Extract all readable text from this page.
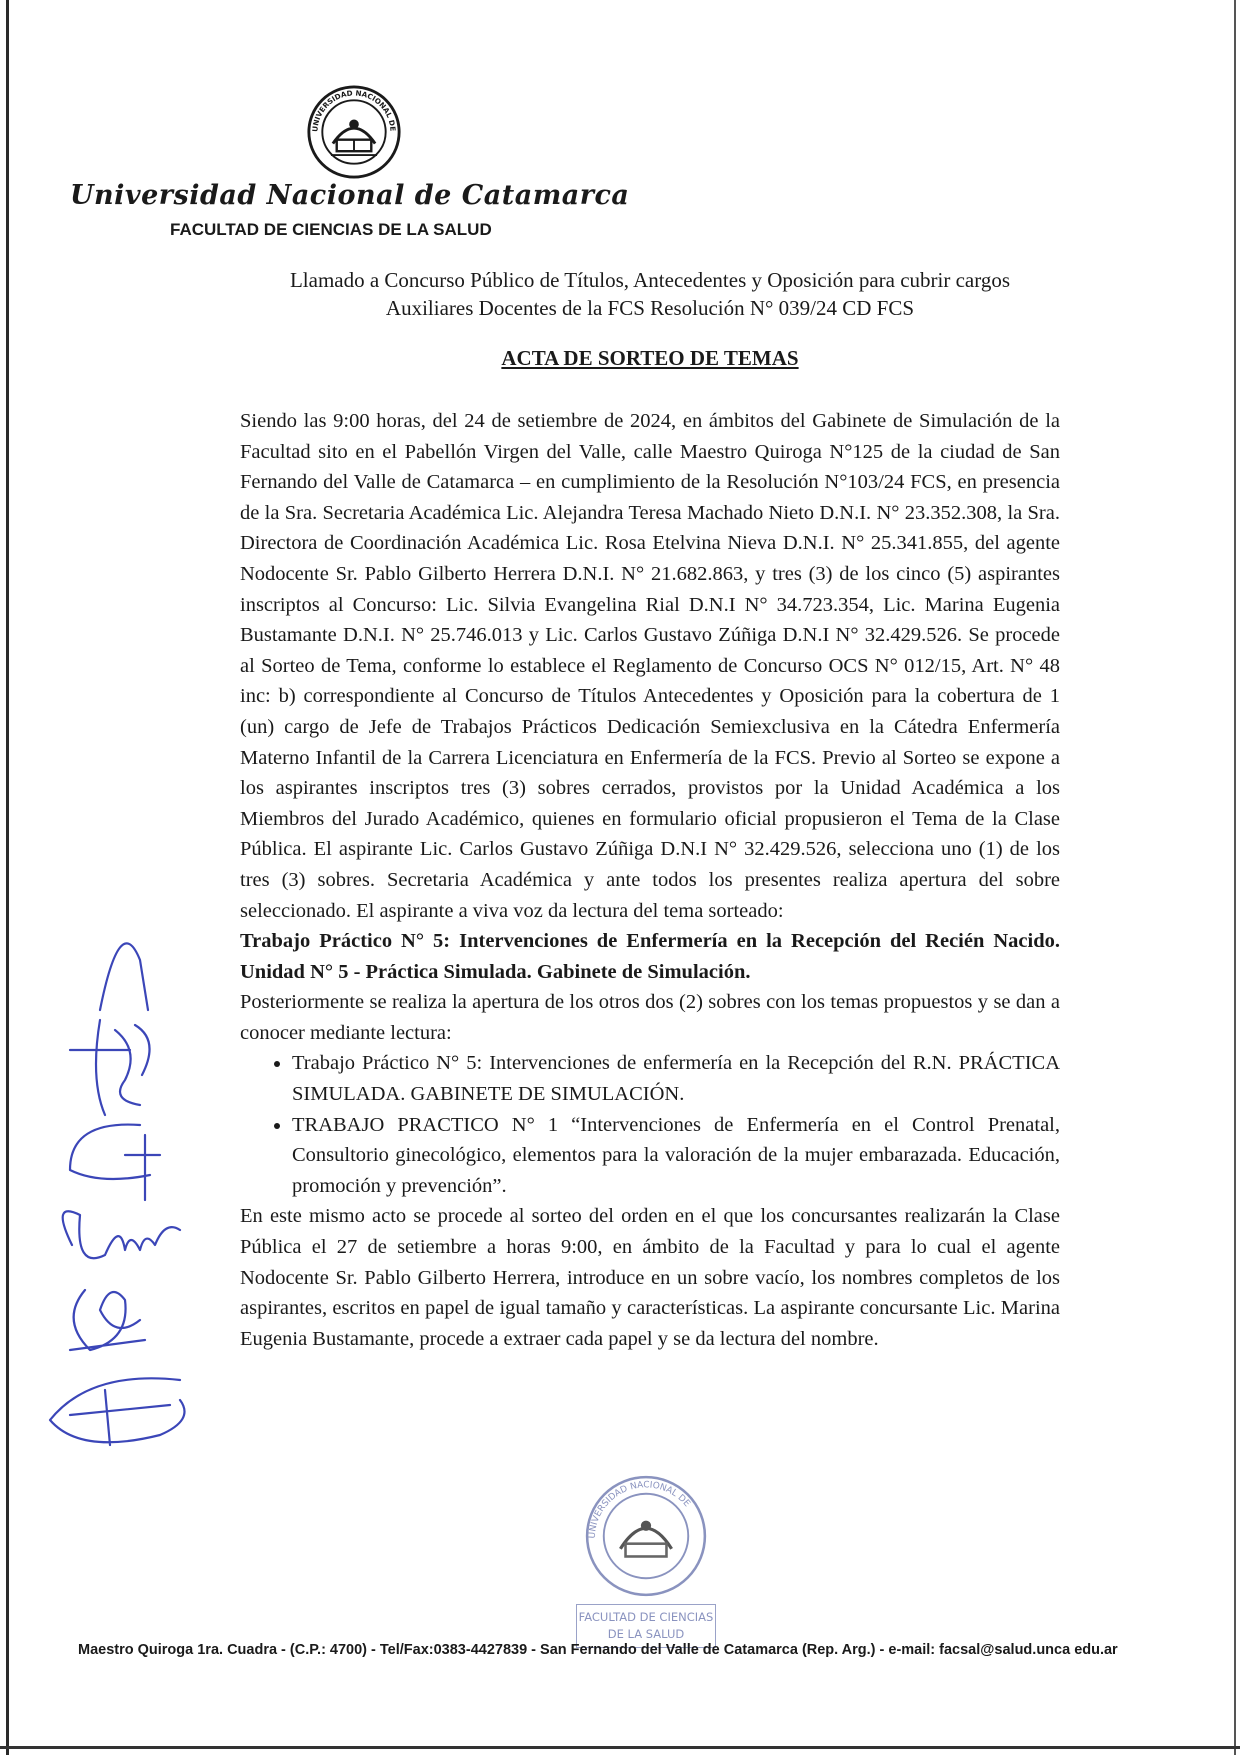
UNIVERSIDAD NACIONAL DE
Universidad Nacional de Catamarca
FACULTAD DE CIENCIAS DE LA SALUD
Llamado a Concurso Público de Títulos, Antecedentes y Oposición para cubrir cargos
Auxiliares Docentes de la FCS Resolución N° 039/24 CD FCS
ACTA DE SORTEO DE TEMAS

Siendo las 9:00 horas, del 24 de setiembre de 2024, en ámbitos del Gabinete de Simulación de la Facultad sito en el Pabellón Virgen del Valle, calle Maestro Quiroga N°125 de la ciudad de San Fernando del Valle de Catamarca – en cumplimiento de la Resolución N°103/24 FCS, en presencia de la Sra. Secretaria Académica Lic. Alejandra Teresa Machado Nieto D.N.I. N° 23.352.308, la Sra. Directora de Coordinación Académica Lic. Rosa Etelvina Nieva D.N.I. N° 25.341.855, del agente Nodocente Sr. Pablo Gilberto Herrera D.N.I. N° 21.682.863, y tres (3) de los cinco (5) aspirantes inscriptos al Concurso: Lic. Silvia Evangelina Rial D.N.I N° 34.723.354, Lic. Marina Eugenia Bustamante D.N.I. N° 25.746.013 y Lic. Carlos Gustavo Zúñiga D.N.I N° 32.429.526. Se procede al Sorteo de Tema, conforme lo establece el Reglamento de Concurso OCS N° 012/15, Art. N° 48 inc: b) correspondiente al Concurso de Títulos Antecedentes y Oposición para la cobertura de 1 (un) cargo de Jefe de Trabajos Prácticos Dedicación Semiexclusiva en la Cátedra Enfermería Materno Infantil de la Carrera Licenciatura en Enfermería de la FCS. Previo al Sorteo se expone a los aspirantes inscriptos tres (3) sobres cerrados, provistos por la Unidad Académica a los Miembros del Jurado Académico, quienes en formulario oficial propusieron el Tema de la Clase Pública. El aspirante Lic. Carlos Gustavo Zúñiga D.N.I N° 32.429.526, selecciona uno (1) de los tres (3) sobres. Secretaria Académica y ante todos los presentes realiza apertura del sobre seleccionado. El aspirante a viva voz da lectura del tema sorteado:

Trabajo Práctico N° 5: Intervenciones de Enfermería en la Recepción del Recién Nacido. Unidad N° 5 - Práctica Simulada. Gabinete de Simulación.

Posteriormente se realiza la apertura de los otros dos (2) sobres con los temas propuestos y se dan a conocer mediante lectura:

• Trabajo Práctico N° 5: Intervenciones de enfermería en la Recepción del R.N. PRÁCTICA SIMULADA. GABINETE DE SIMULACIÓN.
• TRABAJO PRACTICO N° 1 “Intervenciones de Enfermería en el Control Prenatal, Consultorio ginecológico, elementos para la valoración de la mujer embarazada. Educación, promoción y prevención”.

En este mismo acto se procede al sorteo del orden en el que los concursantes realizarán la Clase Pública el 27 de setiembre a horas 9:00, en ámbito de la Facultad y para lo cual el agente Nodocente Sr. Pablo Gilberto Herrera, introduce en un sobre vacío, los nombres completos de los aspirantes, escritos en papel de igual tamaño y características. La aspirante concursante Lic. Marina Eugenia Bustamante, procede a extraer cada papel y se da lectura del nombre.

UNIVERSIDAD NACIONAL DE
FACULTAD DE CIENCIAS
DE LA SALUD
Maestro Quiroga 1ra. Cuadra - (C.P.: 4700) - Tel/Fax:0383-4427839 - San Fernando del Valle de Catamarca (Rep. Arg.) - e-mail: facsal@salud.unca edu.ar
